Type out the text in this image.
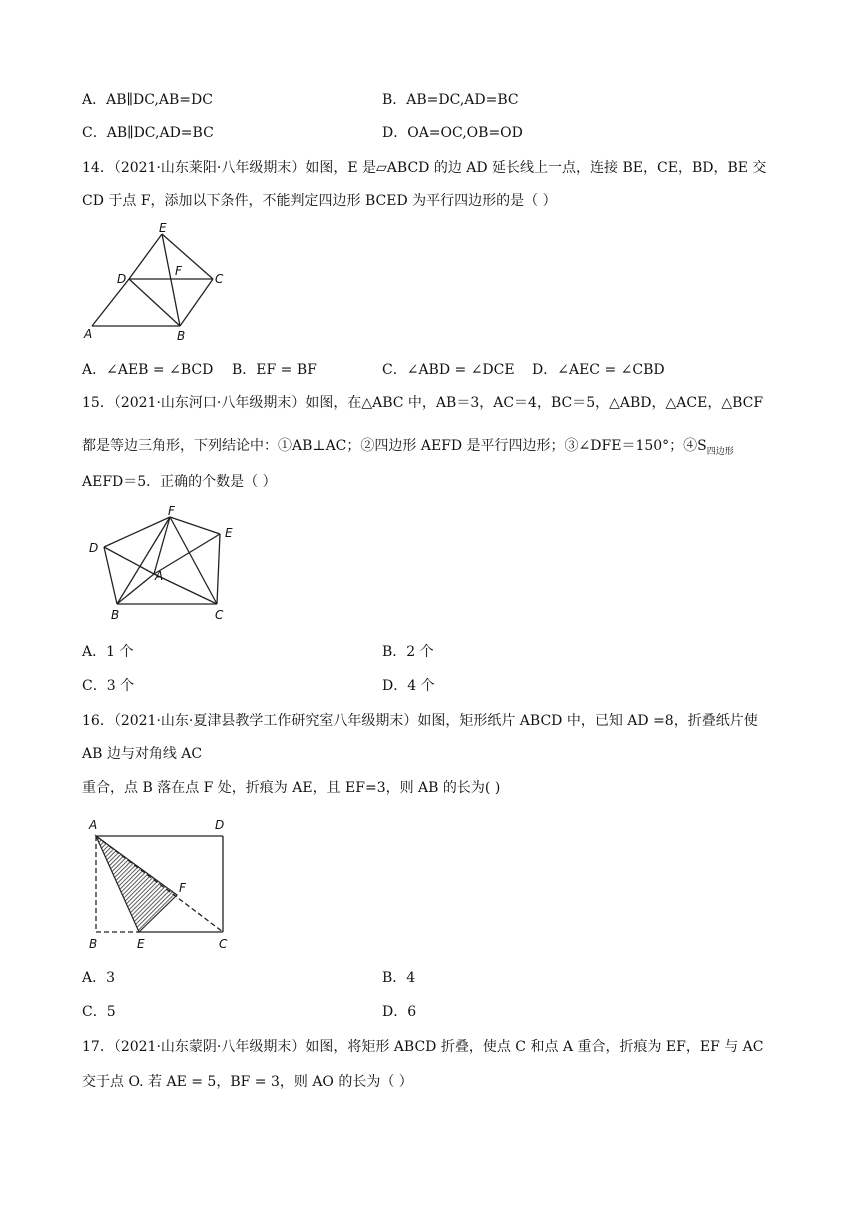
A．AB∥DC,AB=DC	B．AB=DC,AD=BC
C．AB∥DC,AD=BC	D．OA=OC,OB=OD
14．（2021·山东莱阳·八年级期末）如图，E 是▱ABCD 的边 AD 延长线上一点，连接 BE，CE，BD，BE 交
CD 于点 F，添加以下条件，不能判定四边形 BCED 为平行四边形的是（ ）
E
D
F
C
A	B
A．∠AEB = ∠BCD B．EF = BF	C．∠ABD = ∠DCE D．∠AEC = ∠CBD
15．（2021·山东河口·八年级期末）如图，在△ABC 中，AB＝3，AC＝4，BC＝5，△ABD，△ACE，△BCF
都是等边三角形，下列结论中：①AB⊥AC；②四边形 AEFD 是平行四边形；③∠DFE＝150°；$④S_{四边形}$
AEFD＝5．正确的个数是（ ）
F
E
D
A
B	C
A．1 个	B．2 个
C．3 个	D．4 个
16．（2021·山东·夏津县教学工作研究室八年级期末）如图，矩形纸片 ABCD 中，已知 AD =8，折叠纸片使
AB 边与对角线 AC
重合，点 B 落在点 F 处，折痕为 AE，且 EF=3，则 AB 的长为( )
A	D
F
B	E	C
A．3	B．4
C．5	D．6
17．（2021·山东蒙阴·八年级期末）如图，将矩形 ABCD 折叠，使点 C 和点 A 重合，折痕为 EF，EF 与 AC
交于点 O. 若 AE = 5，BF = 3，则 AO 的长为（ ）
